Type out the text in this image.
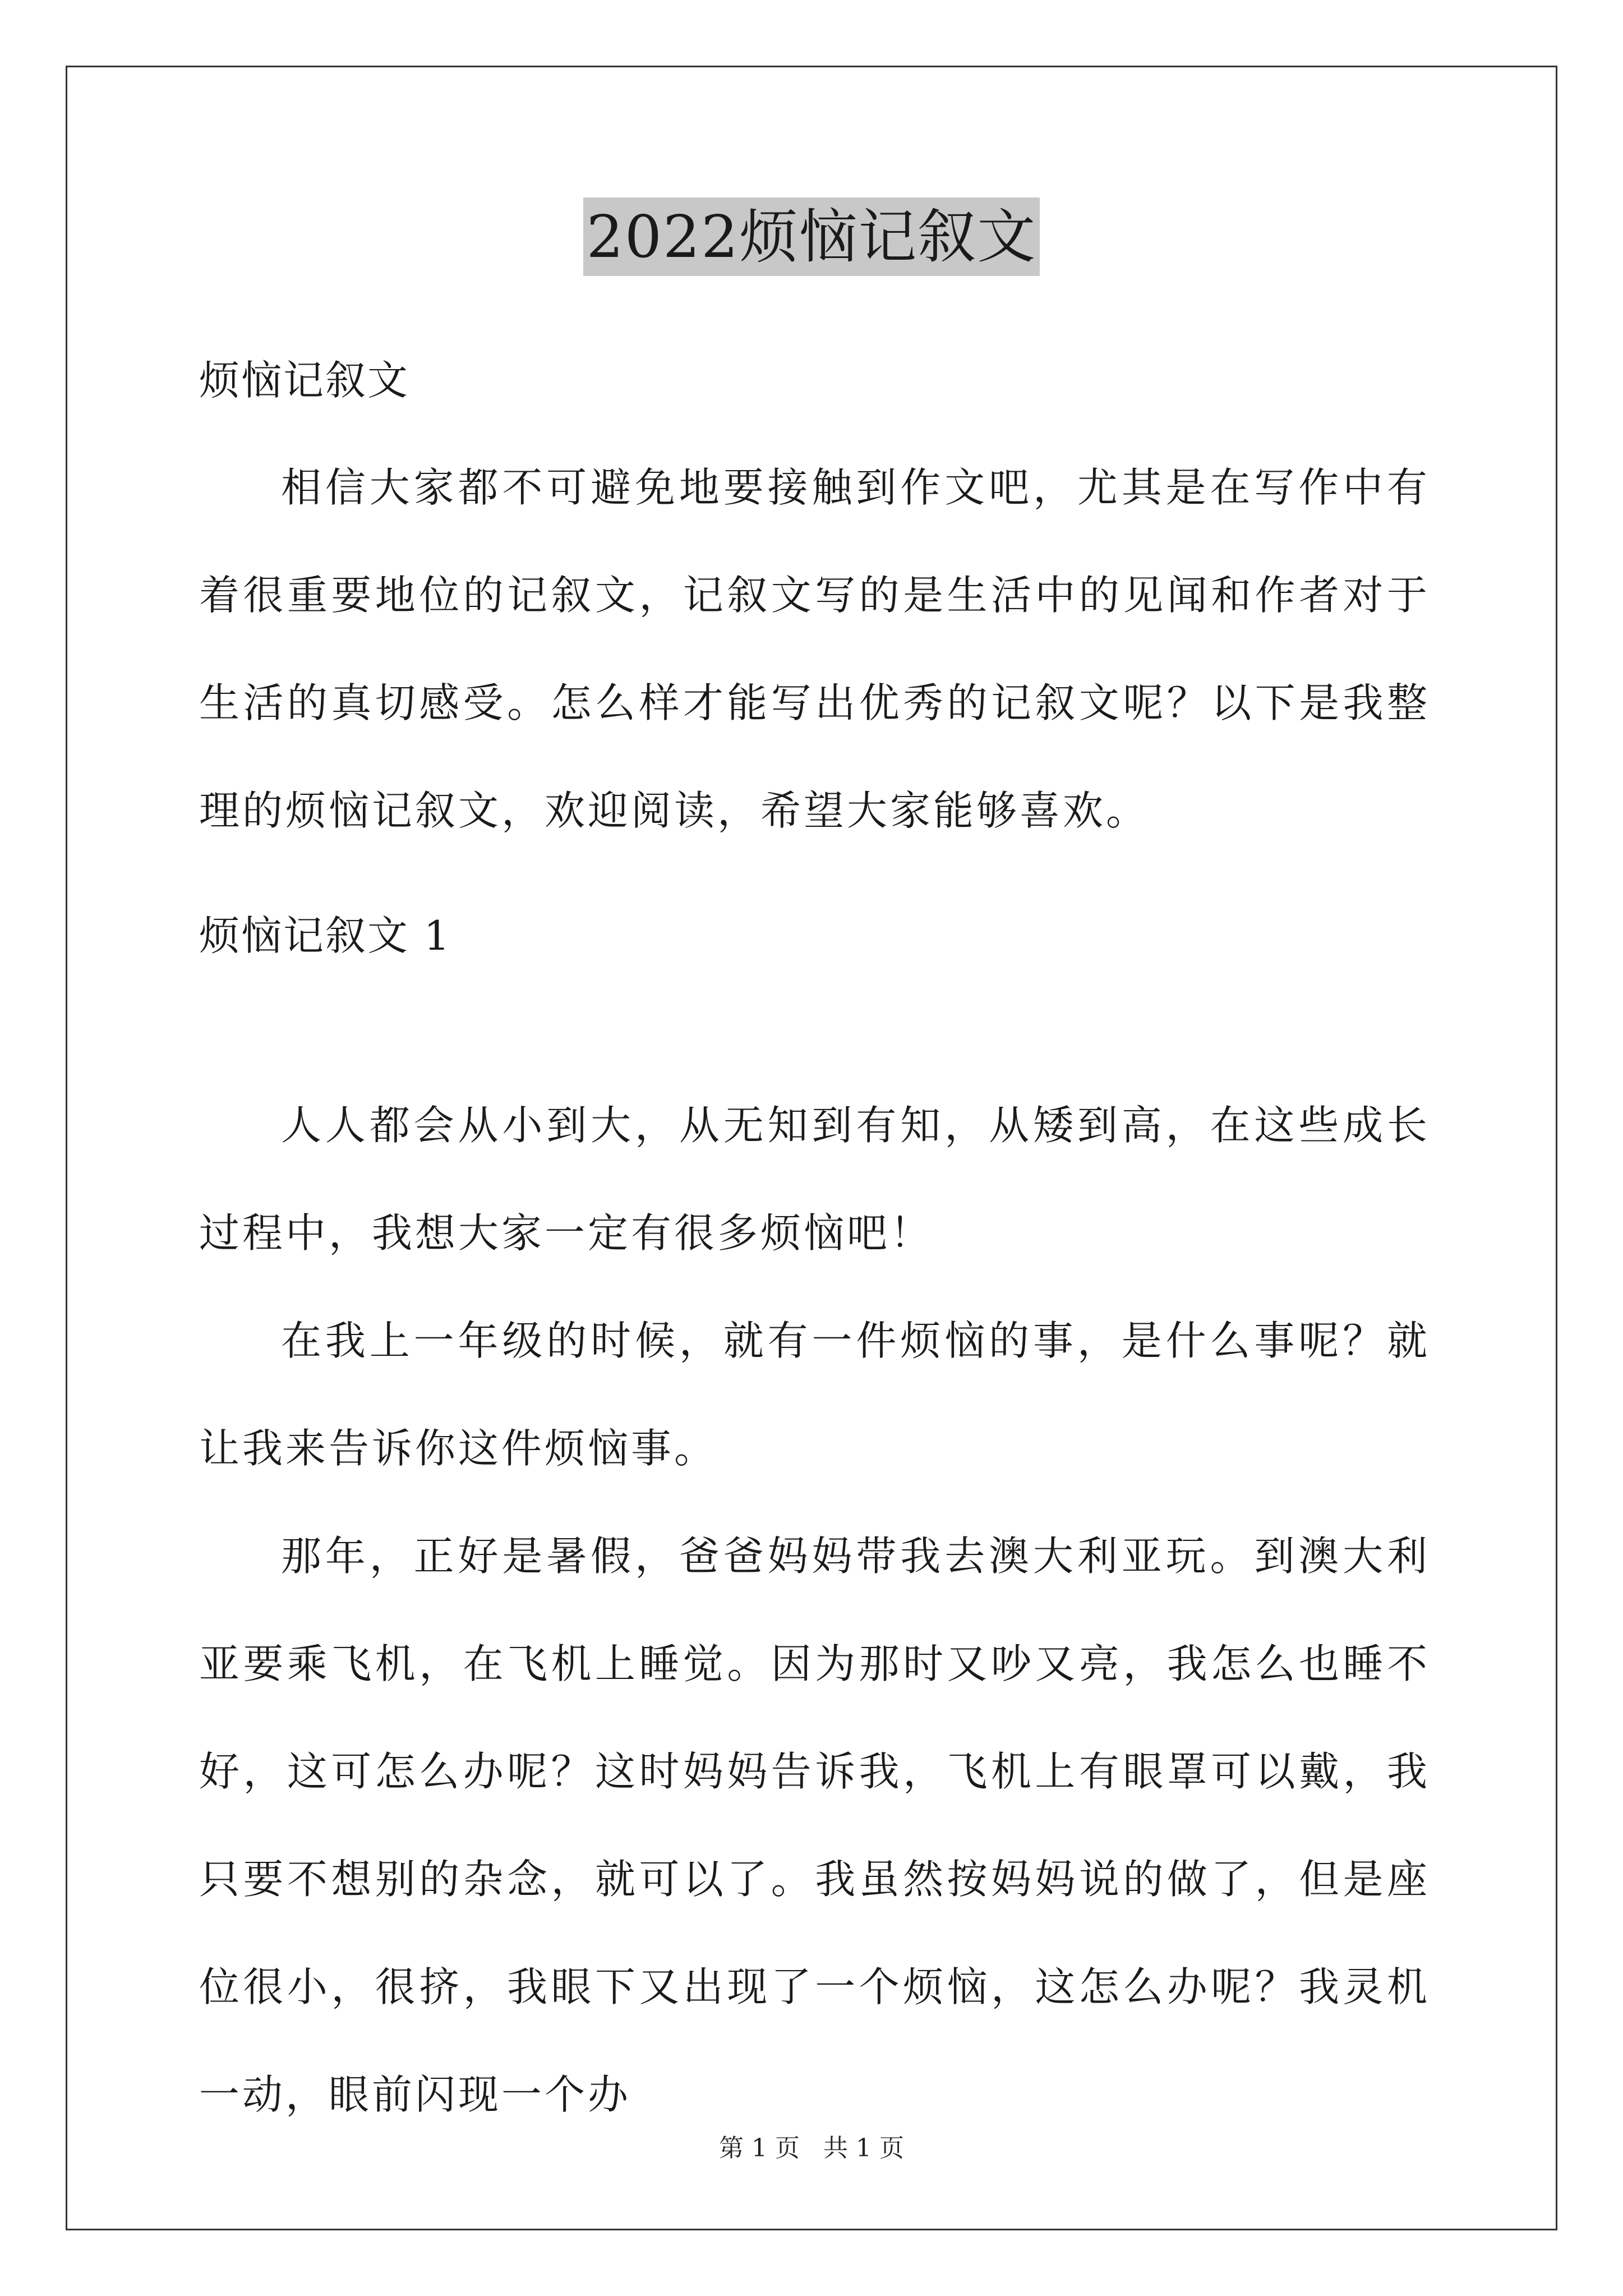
2022烦恼记叙文
烦恼记叙文

相信大家都不可避免地要接触到作文吧，尤其是在写作中有着很重要地位的记叙文，记叙文写的是生活中的见闻和作者对于生活的真切感受。怎么样才能写出优秀的记叙文呢？以下是我整理的烦恼记叙文，欢迎阅读，希望大家能够喜欢。

烦恼记叙文 1

人人都会从小到大，从无知到有知，从矮到高，在这些成长过程中，我想大家一定有很多烦恼吧！

在我上一年级的时候，就有一件烦恼的事，是什么事呢？就让我来告诉你这件烦恼事。

那年，正好是暑假，爸爸妈妈带我去澳大利亚玩。到澳大利亚要乘飞机，在飞机上睡觉。因为那时又吵又亮，我怎么也睡不好，这可怎么办呢？这时妈妈告诉我，飞机上有眼罩可以戴，我只要不想别的杂念，就可以了。我虽然按妈妈说的做了，但是座位很小，很挤，我眼下又出现了一个烦恼，这怎么办呢？我灵机一动，眼前闪现一个办

第 1 页 共 1 页
